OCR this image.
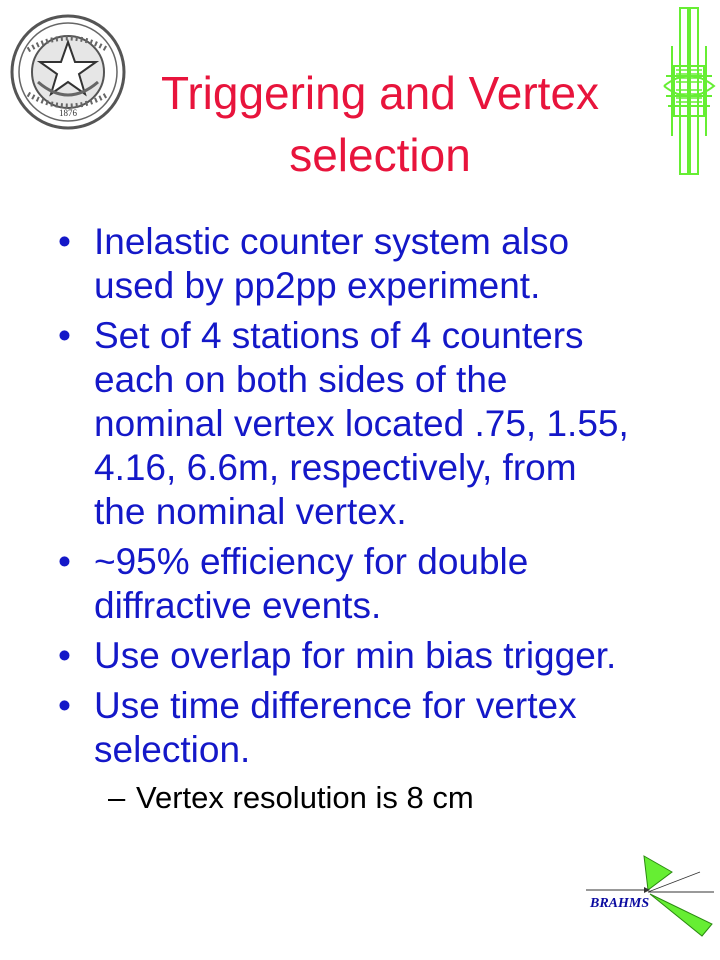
1876	Triggering and Vertex
selection
• Inelastic counter system also
used by pp2pp experiment.
• Set of 4 stations of 4 counters
each on both sides of the
nominal vertex located .75, 1.55,
4.16, 6.6m, respectively, from
the nominal vertex.
• ~95% efficiency for double
diffractive events.
• Use overlap for min bias trigger.
• Use time difference for vertex
selection.
– Vertex resolution is 8 cm
BRAHMS
